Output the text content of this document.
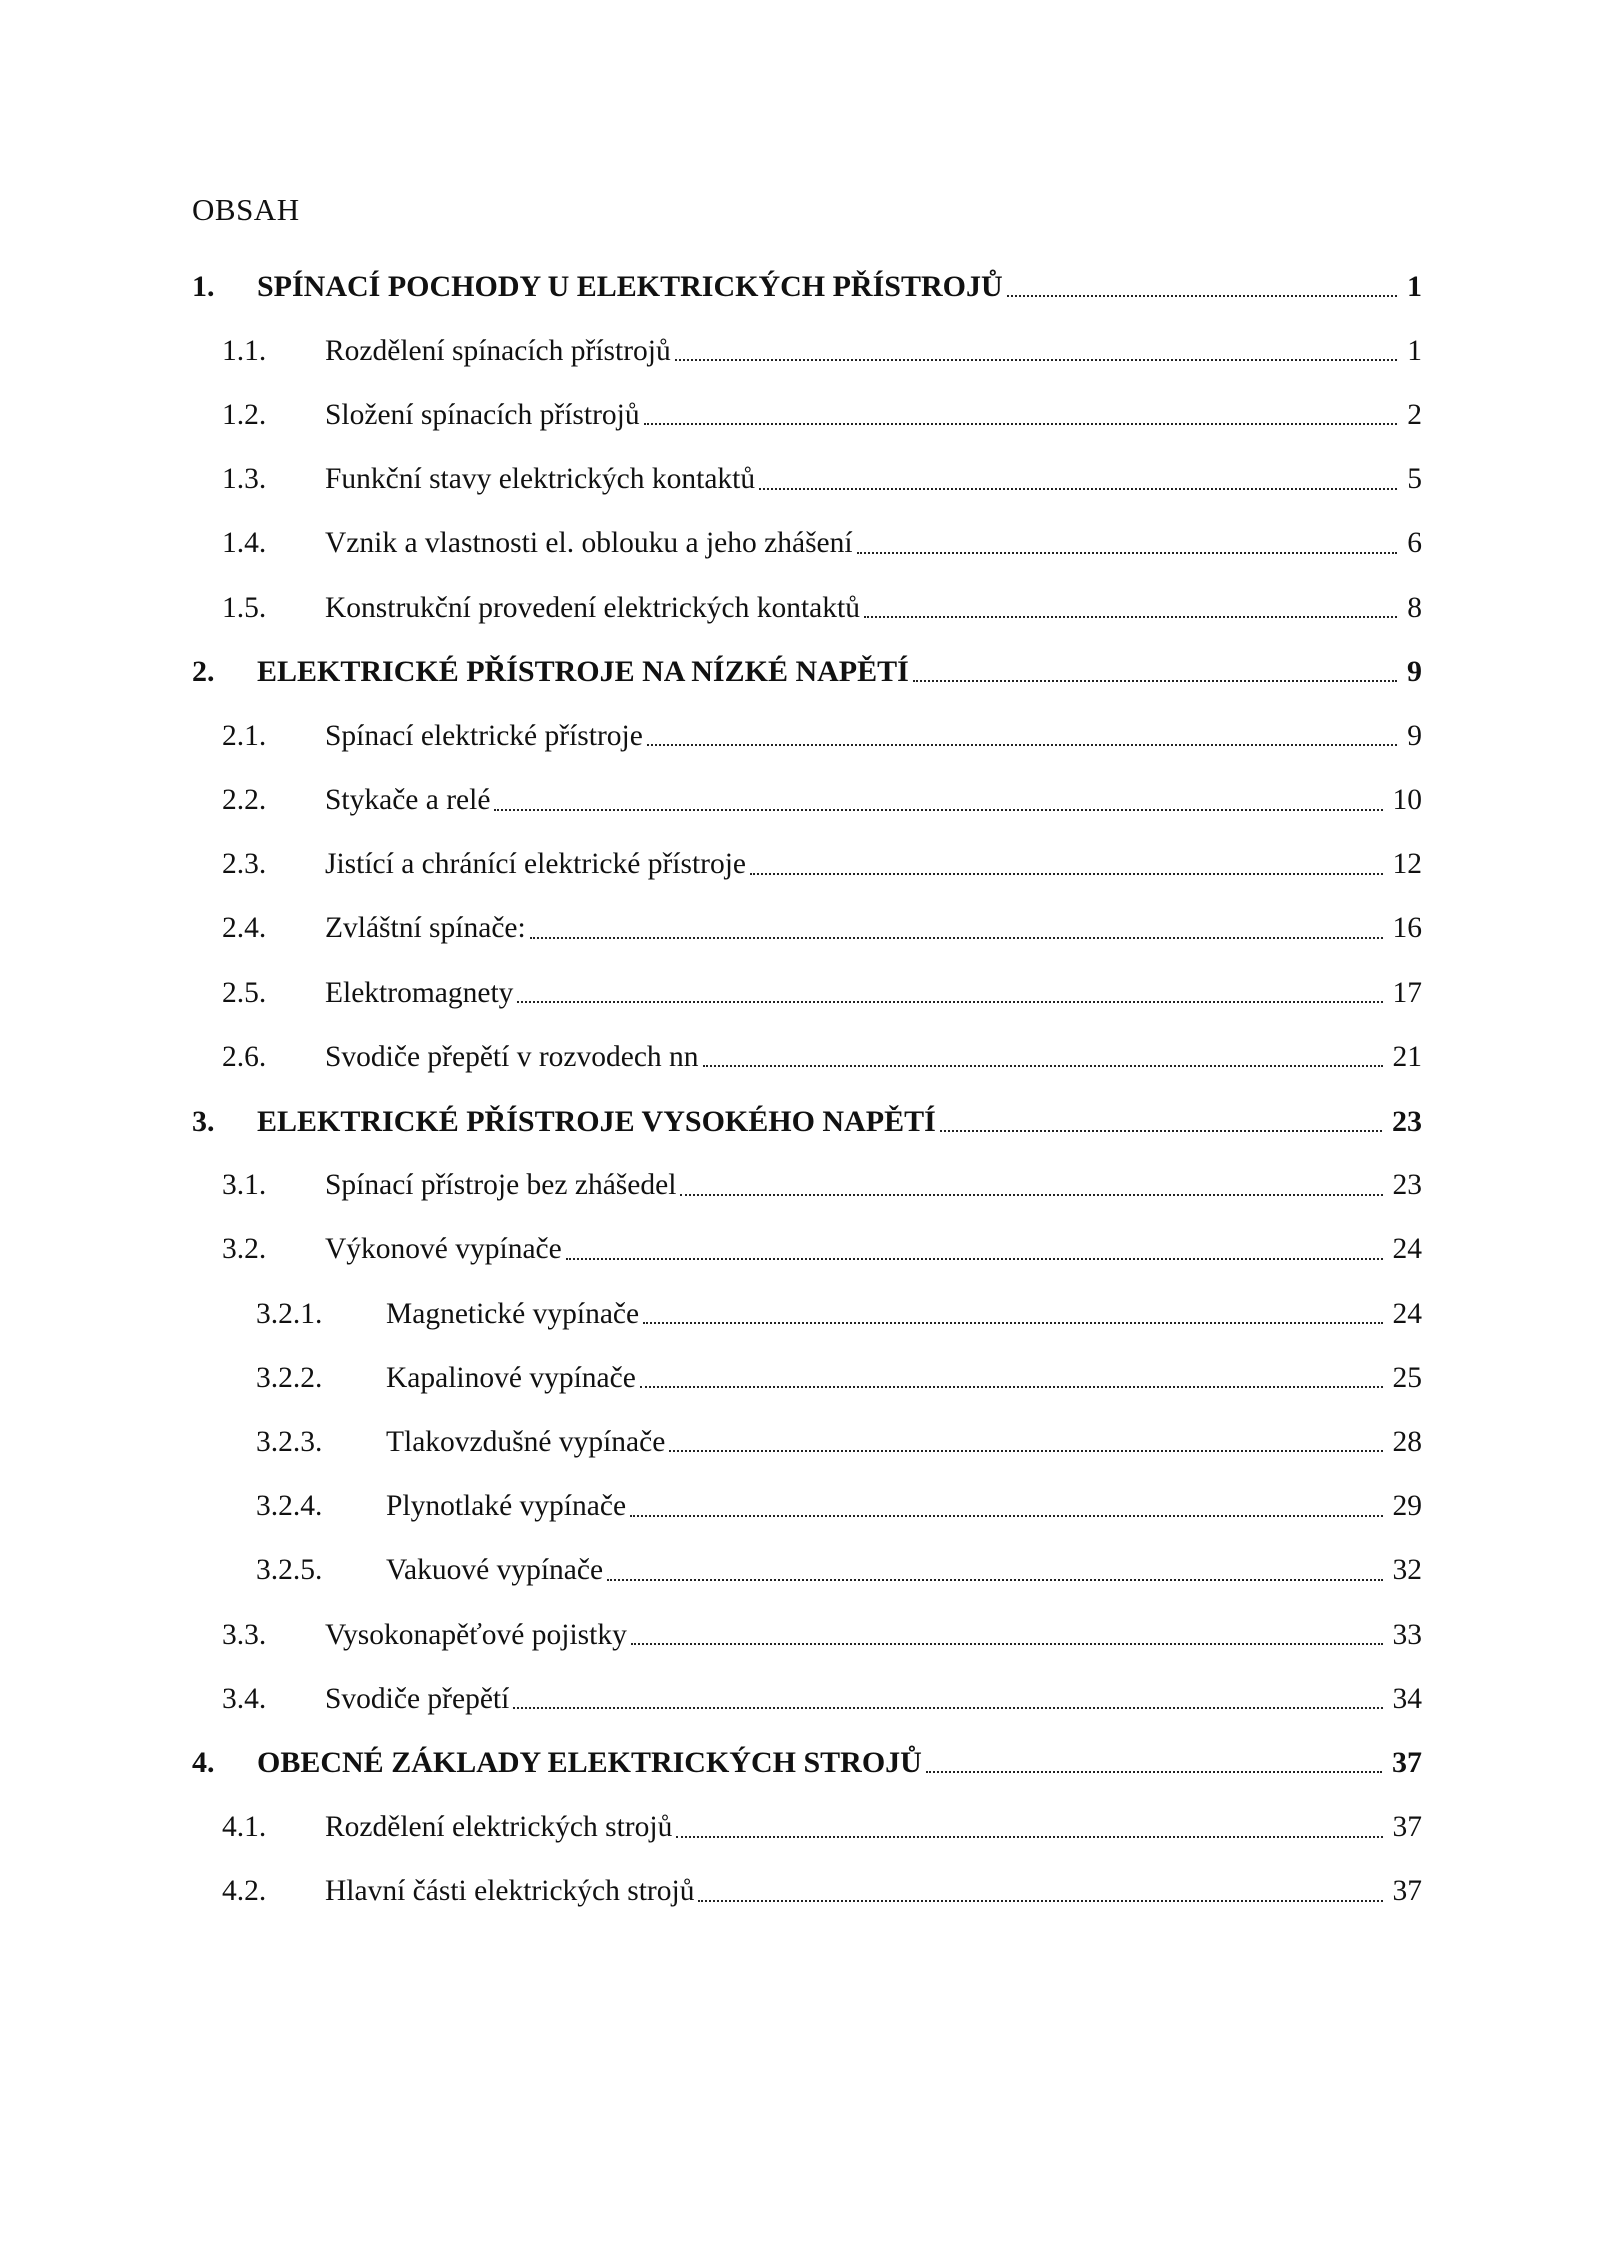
OBSAH
1.	SPÍNACÍ POCHODY U ELEKTRICKÝCH PŘÍSTROJŮ	1
1.1.	Rozdělení spínacích přístrojů	1
1.2.	Složení spínacích přístrojů	2
1.3.	Funkční stavy elektrických kontaktů	5
1.4.	Vznik a vlastnosti el. oblouku a jeho zhášení	6
1.5.	Konstrukční provedení elektrických kontaktů	8
2.	ELEKTRICKÉ PŘÍSTROJE NA NÍZKÉ NAPĚTÍ	9
2.1.	Spínací elektrické přístroje	9
2.2.	Stykače a relé	10
2.3.	Jistící a chránící elektrické přístroje	12
2.4.	Zvláštní spínače:	16
2.5.	Elektromagnety	17
2.6.	Svodiče přepětí v rozvodech nn	21
3.	ELEKTRICKÉ PŘÍSTROJE VYSOKÉHO NAPĚTÍ	23
3.1.	Spínací přístroje bez zhášedel	23
3.2.	Výkonové vypínače	24
3.2.1.	Magnetické vypínače	24
3.2.2.	Kapalinové vypínače	25
3.2.3.	Tlakovzdušné vypínače	28
3.2.4.	Plynotlaké vypínače	29
3.2.5.	Vakuové vypínače	32
3.3.	Vysokonapěťové pojistky	33
3.4.	Svodiče přepětí	34
4.	OBECNÉ ZÁKLADY ELEKTRICKÝCH STROJŮ	37
4.1.	Rozdělení elektrických strojů	37
4.2.	Hlavní části elektrických strojů	37
